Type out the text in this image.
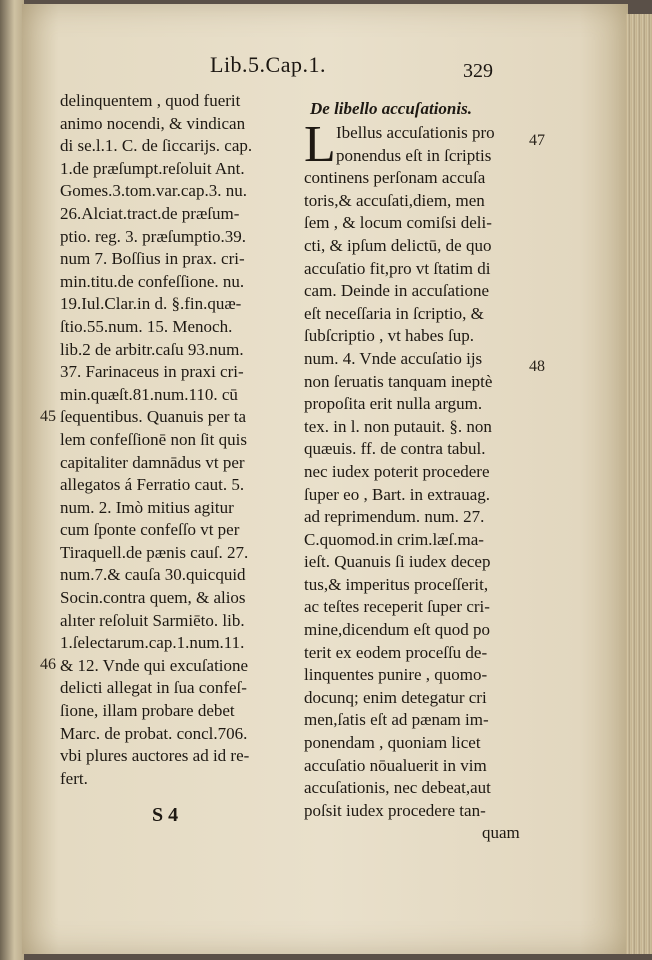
Lib.5.Cap.1.	329
delinquentem , quod fuerit
animo nocendi, & vindican
di se.l.1. C. de ſiccarijs. cap.
1.de præſumpt.reſoluit Ant.
Gomes.3.tom.var.cap.3. nu.
26.Alciat.tract.de præſum-
ptio. reg. 3. præſumptio.39.
num 7. Boſſius in prax. cri-
min.titu.de confeſſione. nu.
19.Iul.Clar.in d. §.fin.quæ-
ſtio.55.num. 15. Menoch.
lib.2 de arbitr.caſu 93.num.
37. Farinaceus in praxi cri-
min.quæſt.81.num.110. cū
ſequentibus. Quanuis per ta
lem confeſſionē non ſit quis
capitaliter damnādus vt per
allegatos á Ferratio caut. 5.
num. 2. Imò mitius agitur
cum ſponte confeſſo vt per
Tiraquell.de pænis cauſ. 27.
num.7.& cauſa 30.quicquid
Socin.contra quem, & alios
alıter reſoluit Sarmiēto. lib.
1.ſelectarum.cap.1.num.11.
& 12. Vnde qui excuſatione
delicti allegat in ſua confeſ-
ſione, illam probare debet
Marc. de probat. concl.706.
vbi plures auctores ad id re-
fert.
De libello accuſationis.
L Ibellus accuſationis pro
ponendus eſt in ſcriptis
continens perſonam accuſa
toris,& accuſati,diem, men
ſem , & locum comiſsi deli-
cti, & ipſum delictū, de quo
accuſatio fit,pro vt ſtatim di
cam. Deinde in accuſatione
eſt neceſſaria in ſcriptio, &
ſubſcriptio , vt habes ſup.
num. 4. Vnde accuſatio ijs
non ſeruatis tanquam ineptè
propoſita erit nulla argum.
tex. in l. non putauit. §. non
quæuis. ff. de contra tabul.
nec iudex poterit procedere
ſuper eo , Bart. in extrauag.
ad reprimendum. num. 27.
C.quomod.in crim.læſ.ma-
ieſt. Quanuis ſi iudex decep
tus,& imperitus proceſſerit,
ac teſtes receperit ſuper cri-
mine,dicendum eſt quod po
terit ex eodem proceſſu de-
linquentes punire , quomo-
docunq; enim detegatur cri
men,ſatis eſt ad pænam im-
ponendam , quoniam licet
accuſatio nōualuerit in vim
accuſationis, nec debeat,aut
poſsit iudex procedere tan-
quam
45
46
47
48
S 4
